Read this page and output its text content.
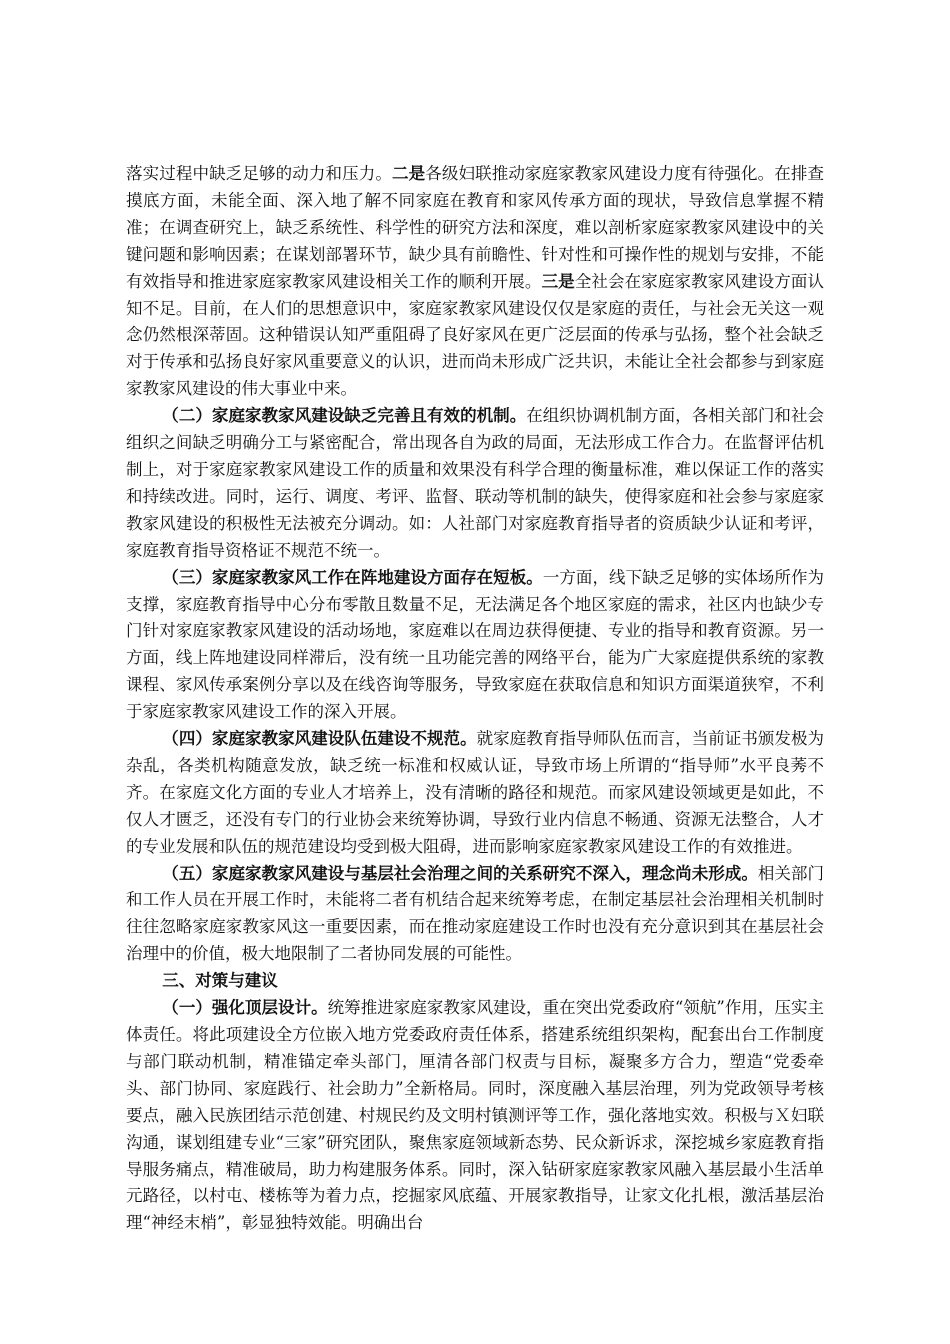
落实过程中缺乏足够的动力和压力。二是各级妇联推动家庭家教家风建设力度有待强化。在排查摸底方面，未能全面、深入地了解不同家庭在教育和家风传承方面的现状，导致信息掌握不精准；在调查研究上，缺乏系统性、科学性的研究方法和深度，难以剖析家庭家教家风建设中的关键问题和影响因素；在谋划部署环节，缺少具有前瞻性、针对性和可操作性的规划与安排，不能有效指导和推进家庭家教家风建设相关工作的顺利开展。三是全社会在家庭家教家风建设方面认知不足。目前，在人们的思想意识中，家庭家教家风建设仅仅是家庭的责任，与社会无关这一观念仍然根深蒂固。这种错误认知严重阻碍了良好家风在更广泛层面的传承与弘扬，整个社会缺乏对于传承和弘扬良好家风重要意义的认识，进而尚未形成广泛共识，未能让全社会都参与到家庭家教家风建设的伟大事业中来。

（二）家庭家教家风建设缺乏完善且有效的机制。在组织协调机制方面，各相关部门和社会组织之间缺乏明确分工与紧密配合，常出现各自为政的局面，无法形成工作合力。在监督评估机制上，对于家庭家教家风建设工作的质量和效果没有科学合理的衡量标准，难以保证工作的落实和持续改进。同时，运行、调度、考评、监督、联动等机制的缺失，使得家庭和社会参与家庭家教家风建设的积极性无法被充分调动。如：人社部门对家庭教育指导者的资质缺少认证和考评，家庭教育指导资格证不规范不统一。

（三）家庭家教家风工作在阵地建设方面存在短板。一方面，线下缺乏足够的实体场所作为支撑，家庭教育指导中心分布零散且数量不足，无法满足各个地区家庭的需求，社区内也缺少专门针对家庭家教家风建设的活动场地，家庭难以在周边获得便捷、专业的指导和教育资源。另一方面，线上阵地建设同样滞后，没有统一且功能完善的网络平台，能为广大家庭提供系统的家教课程、家风传承案例分享以及在线咨询等服务，导致家庭在获取信息和知识方面渠道狭窄，不利于家庭家教家风建设工作的深入开展。

（四）家庭家教家风建设队伍建设不规范。就家庭教育指导师队伍而言，当前证书颁发极为杂乱，各类机构随意发放，缺乏统一标准和权威认证，导致市场上所谓的“指导师”水平良莠不齐。在家庭文化方面的专业人才培养上，没有清晰的路径和规范。而家风建设领域更是如此，不仅人才匮乏，还没有专门的行业协会来统筹协调，导致行业内信息不畅通、资源无法整合，人才的专业发展和队伍的规范建设均受到极大阻碍，进而影响家庭家教家风建设工作的有效推进。

（五）家庭家教家风建设与基层社会治理之间的关系研究不深入，理念尚未形成。相关部门和工作人员在开展工作时，未能将二者有机结合起来统筹考虑，在制定基层社会治理相关机制时往往忽略家庭家教家风这一重要因素，而在推动家庭建设工作时也没有充分意识到其在基层社会治理中的价值，极大地限制了二者协同发展的可能性。

三、对策与建议

（一）强化顶层设计。统筹推进家庭家教家风建设，重在突出党委政府“领航”作用，压实主体责任。将此项建设全方位嵌入地方党委政府责任体系，搭建系统组织架构，配套出台工作制度与部门联动机制，精准锚定牵头部门，厘清各部门权责与目标，凝聚多方合力，塑造“党委牵头、部门协同、家庭践行、社会助力”全新格局。同时，深度融入基层治理，列为党政领导考核要点，融入民族团结示范创建、村规民约及文明村镇测评等工作，强化落地实效。积极与Ｘ妇联沟通，谋划组建专业“三家”研究团队，聚焦家庭领域新态势、民众新诉求，深挖城乡家庭教育指导服务痛点，精准破局，助力构建服务体系。同时，深入钻研家庭家教家风融入基层最小生活单元路径，以村屯、楼栋等为着力点，挖掘家风底蕴、开展家教指导，让家文化扎根，激活基层治理“神经末梢”，彰显独特效能。明确出台
